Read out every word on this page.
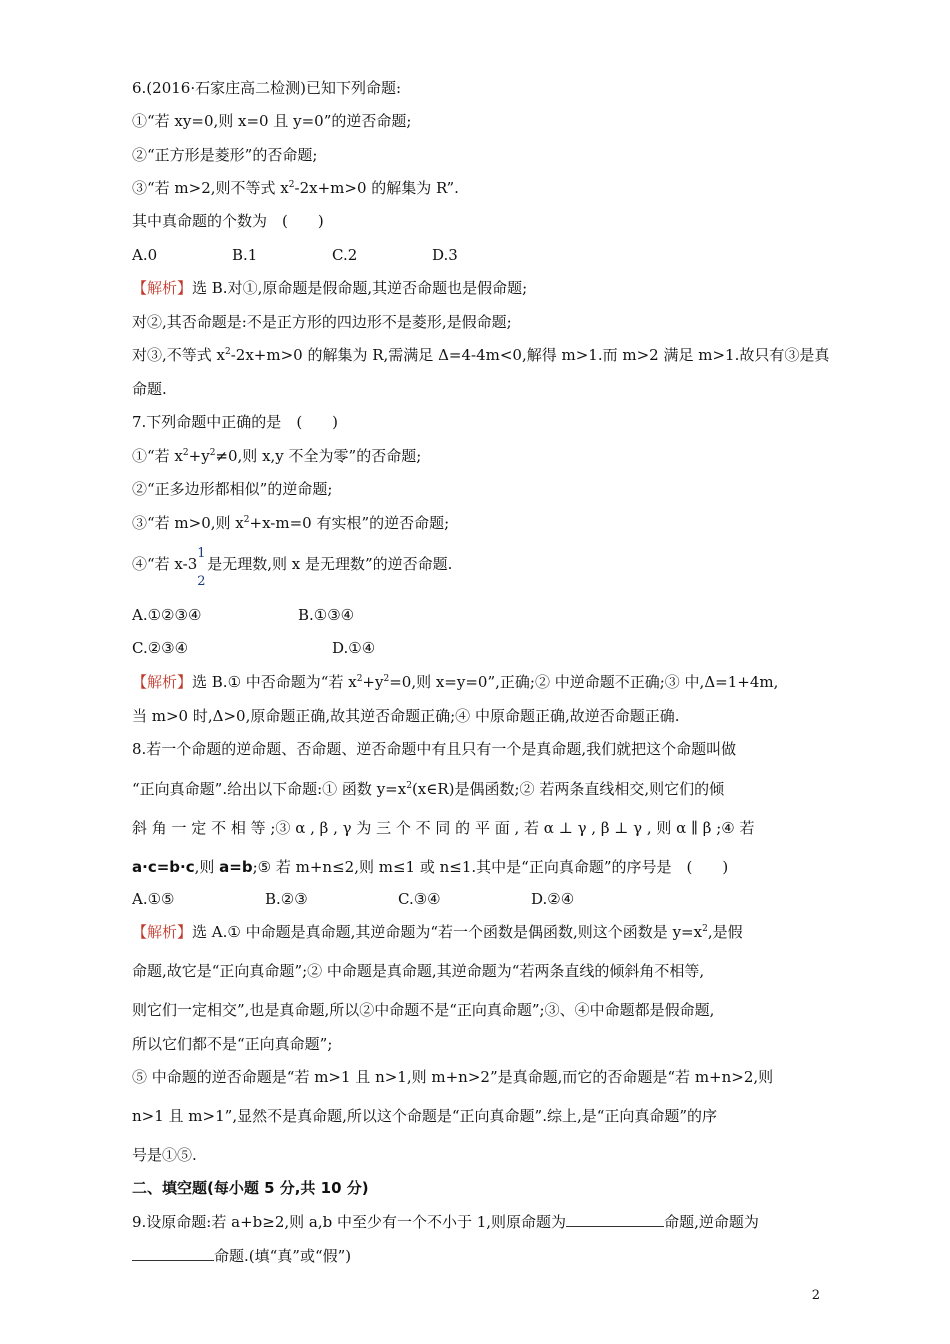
6.(2016·石家庄高二检测)已知下列命题:
①“若 xy=0,则 x=0 且 y=0”的逆否命题;
②“正方形是菱形”的否命题;
③“若 m>2,则不等式 $x^2-2x+m>0$ 的解集为 R”.
其中真命题的个数为　(　　)
A.0	B.1	C.2	D.3
【解析】选 B.对①,原命题是假命题,其逆否命题也是假命题;
对②,其否命题是:不是正方形的四边形不是菱形,是假命题;
对③,不等式 $x^2-2x+m>0$ 的解集为 R,需满足 Δ=4-4m<0,解得 m>1.而 m>2 满足 m>1.故只有③是真
命题.
7.下列命题中正确的是　(　　)
①“若 $x^2+y^2\ne 0$,则 x,y 不全为零”的否命题;
②“正多边形都相似”的逆命题;
③“若 m>0,则 $x^2+x-m=0$ 有实根”的逆否命题;
④“若 x-3
1
2
是无理数,则 x 是无理数”的逆否命题.
A.①②③④	B.①③④
C.②③④	D.①④
【解析】选 B.① 中否命题为“若 $x^2+y^2=0$,则 x=y=0”,正确;② 中逆命题不正确;③ 中,Δ=1+4m,
当 m>0 时,Δ>0,原命题正确,故其逆否命题正确;④ 中原命题正确,故逆否命题正确.
8.若一个命题的逆命题、否命题、逆否命题中有且只有一个是真命题,我们就把这个命题叫做
“正向真命题”.给出以下命题:① 函数 $y=x^2(x\in R)$是偶函数;② 若两条直线相交,则它们的倾
斜 角 一 定 不 相 等 ;③ α , β , γ 为 三 个 不 同 的 平 面 , 若 α ⊥ γ , β ⊥ γ , 则 α ∥ β ;④ 若
a·c=b·c,则 a=b;⑤ 若 m+n≤2,则 m≤1 或 n≤1.其中是“正向真命题”的序号是　(　　)
A.①⑤	B.②③	C.③④	D.②④
【解析】选 A.① 中命题是真命题,其逆命题为“若一个函数是偶函数,则这个函数是 $y=x^2$,是假
命题,故它是“正向真命题”;② 中命题是真命题,其逆命题为“若两条直线的倾斜角不相等,
则它们一定相交”,也是真命题,所以②中命题不是“正向真命题”;③、④中命题都是假命题,
所以它们都不是“正向真命题”;
⑤ 中命题的逆否命题是“若 m>1 且 n>1,则 m+n>2”是真命题,而它的否命题是“若 m+n>2,则
n>1 且 m>1”,显然不是真命题,所以这个命题是“正向真命题”.综上,是“正向真命题”的序
号是①⑤.
二、填空题(每小题 5 分,共 10 分)
9.设原命题:若 a+b≥2,则 a,b 中至少有一个不小于 1,则原命题为	命题,逆命题为
命题.(填“真”或“假”)
2
